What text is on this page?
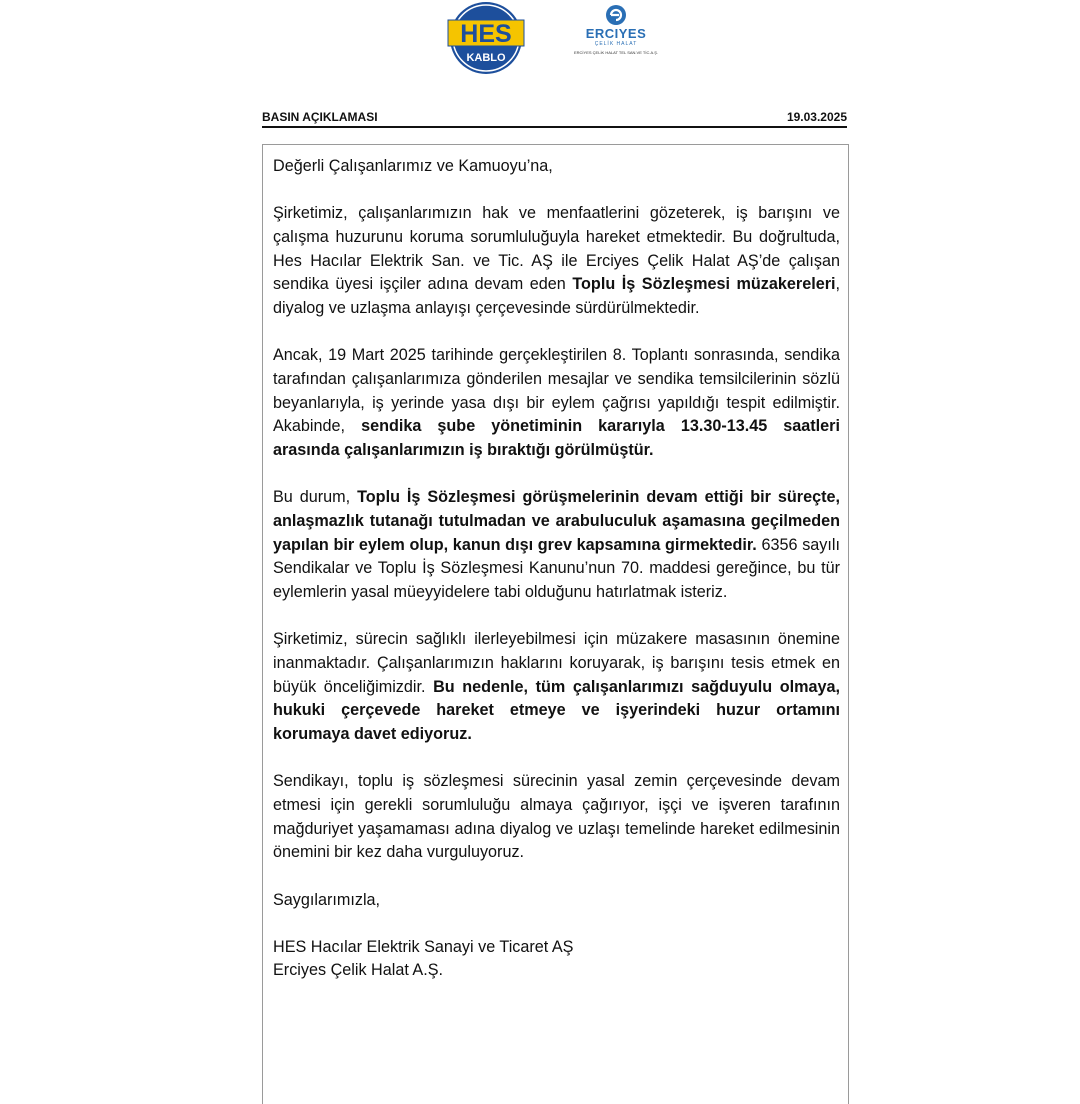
HES
KABLO
ERCIYES
ÇELİK HALAT
ERCİYES ÇELİK HALAT TEL SAN.VE TİC.A.Ş.
BASIN AÇIKLAMASI	19.03.2025

Değerli Çalışanlarımız ve Kamuoyu’na,

Şirketimiz, çalışanlarımızın hak ve menfaatlerini gözeterek, iş barışını ve çalışma huzurunu koruma sorumluluğuyla hareket etmektedir. Bu doğrultuda, Hes Hacılar Elektrik San. ve Tic. AŞ ile Erciyes Çelik Halat AŞ’de çalışan sendika üyesi işçiler adına devam eden Toplu İş Sözleşmesi müzakereleri, diyalog ve uzlaşma anlayışı çerçevesinde sürdürülmektedir.

Ancak, 19 Mart 2025 tarihinde gerçekleştirilen 8. Toplantı sonrasında, sendika tarafından çalışanlarımıza gönderilen mesajlar ve sendika temsilcilerinin sözlü beyanlarıyla, iş yerinde yasa dışı bir eylem çağrısı yapıldığı tespit edilmiştir. Akabinde, sendika şube yönetiminin kararıyla 13.30-13.45 saatleri arasında çalışanlarımızın iş bıraktığı görülmüştür.

Bu durum, Toplu İş Sözleşmesi görüşmelerinin devam ettiği bir süreçte, anlaşmazlık tutanağı tutulmadan ve arabuluculuk aşamasına geçilmeden yapılan bir eylem olup, kanun dışı grev kapsamına girmektedir. 6356 sayılı Sendikalar ve Toplu İş Sözleşmesi Kanunu’nun 70. maddesi gereğince, bu tür eylemlerin yasal müeyyidelere tabi olduğunu hatırlatmak isteriz.

Şirketimiz, sürecin sağlıklı ilerleyebilmesi için müzakere masasının önemine inanmaktadır. Çalışanlarımızın haklarını koruyarak, iş barışını tesis etmek en büyük önceliğimizdir. Bu nedenle, tüm çalışanlarımızı sağduyulu olmaya, hukuki çerçevede hareket etmeye ve işyerindeki huzur ortamını korumaya davet ediyoruz.

Sendikayı, toplu iş sözleşmesi sürecinin yasal zemin çerçevesinde devam etmesi için gerekli sorumluluğu almaya çağırıyor, işçi ve işveren tarafının mağduriyet yaşamaması adına diyalog ve uzlaşı temelinde hareket edilmesinin önemini bir kez daha vurguluyoruz.

Saygılarımızla,

HES Hacılar Elektrik Sanayi ve Ticaret AŞ

Erciyes Çelik Halat A.Ş.
